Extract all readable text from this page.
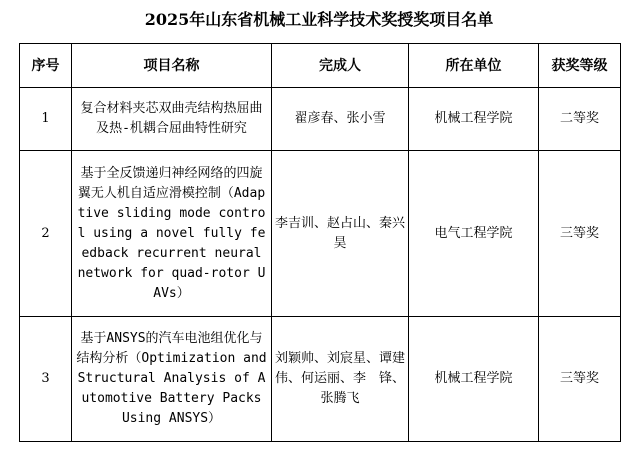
2025年山东省机械工业科学技术奖授奖项目名单
序号	项目名称	完成人	所在单位	获奖等级
1	复合材料夹芯双曲壳结构热屈曲及热-机耦合屈曲特性研究	翟彦春、张小雪	机械工程学院	二等奖
2	基于全反馈递归神经网络的四旋翼无人机自适应滑模控制（Adaptive sliding mode control using a novel fully feedback recurrent neural network for quad-rotor UAVs）	李吉训、赵占山、秦兴昊	电气工程学院	三等奖
3	基于ANSYS的汽车电池组优化与结构分析（Optimization and Structural Analysis of Automotive Battery Packs Using ANSYS）	刘颖帅、刘宸星、谭建伟、何运丽、李　锋、张腾飞	机械工程学院	三等奖
